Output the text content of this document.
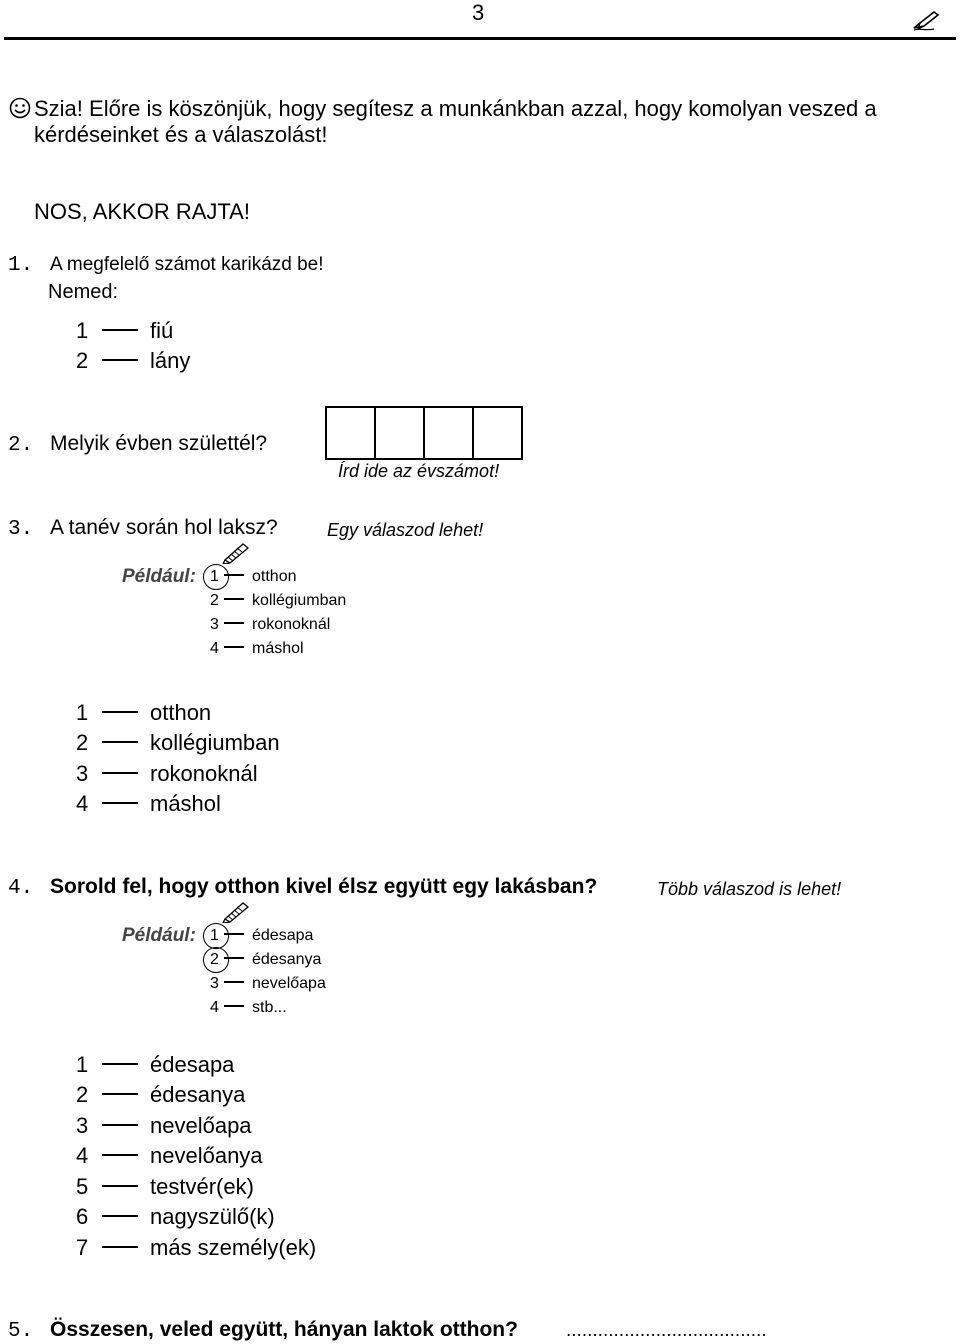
3
Szia! Előre is köszönjük, hogy segítesz a munkánkban azzal, hogy komolyan veszed a
kérdéseinket és a válaszolást!
NOS, AKKOR RAJTA!
1. A megfelelő számot karikázd be!
Nemed:
1	fiú
2	lány
2. Melyik évben születtél?
Írd ide az évszámot!
3. A tanév során hol laksz?	Egy válaszod lehet!
Például: 1 otthon
2 kollégiumban
3 rokonoknál
4 máshol
1	otthon
2	kollégiumban
3	rokonoknál
4	máshol
4. Sorold fel, hogy otthon kivel élsz együtt egy lakásban?	Több válaszod is lehet!
Például: 1 édesapa
2 édesanya
3 nevelőapa
4 stb...
1	édesapa
2	édesanya
3	nevelőapa
4	nevelőanya
5	testvér(ek)
6	nagyszülő(k)
7	más személy(ek)
5. Összesen, veled együtt, hányan laktok otthon?	......................................
